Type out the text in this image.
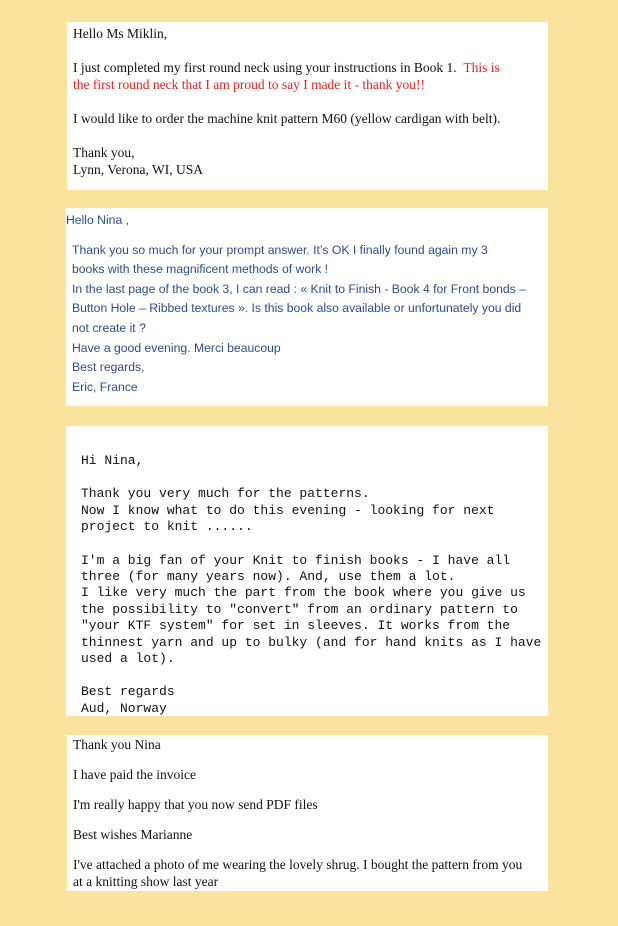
Hello Ms Miklin,
I just completed my first round neck using your instructions in Book 1. This is
the first round neck that I am proud to say I made it - thank you!!
I would like to order the machine knit pattern M60 (yellow cardigan with belt).
Thank you,
Lynn, Verona, WI, USA
Hello Nina ,
Thank you so much for your prompt answer. It’s OK I finally found again my 3
books with these magnificent methods of work !
In the last page of the book 3, I can read : « Knit to Finish - Book 4 for Front bonds –
Button Hole – Ribbed textures ». Is this book also available or unfortunately you did
not create it ?
Have a good evening. Merci beaucoup
Best regards,
Eric, France
Hi Nina,
Thank you very much for the patterns.
Now I know what to do this evening - looking for next
project to knit ......
I'm a big fan of your Knit to finish books - I have all
three (for many years now). And, use them a lot.
I like very much the part from the book where you give us
the possibility to "convert" from an ordinary pattern to
"your KTF system" for set in sleeves. It works from the
thinnest yarn and up to bulky (and for hand knits as I have
used a lot).
Best regards
Aud, Norway
Thank you Nina
I have paid the invoice
I'm really happy that you now send PDF files
Best wishes Marianne
I've attached a photo of me wearing the lovely shrug. I bought the pattern from you
at a knitting show last year
